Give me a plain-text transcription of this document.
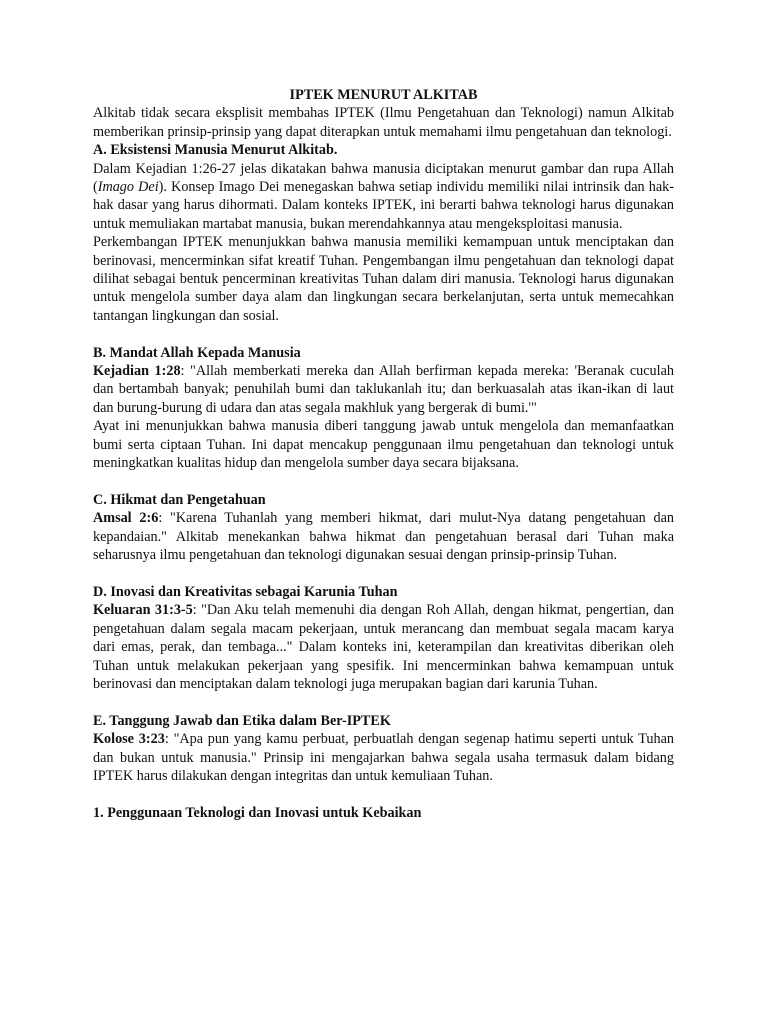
IPTEK MENURUT ALKITAB

Alkitab tidak secara eksplisit membahas IPTEK (Ilmu Pengetahuan dan Teknologi) namun Alkitab memberikan prinsip-prinsip yang dapat diterapkan untuk memahami ilmu pengetahuan dan teknologi.

A. Eksistensi Manusia Menurut Alkitab.

Dalam Kejadian 1:26-27 jelas dikatakan bahwa manusia diciptakan menurut gambar dan rupa Allah (Imago Dei). Konsep Imago Dei menegaskan bahwa setiap individu memiliki nilai intrinsik dan hak-hak dasar yang harus dihormati. Dalam konteks IPTEK, ini berarti bahwa teknologi harus digunakan untuk memuliakan martabat manusia, bukan merendahkannya atau mengeksploitasi manusia.

Perkembangan IPTEK menunjukkan bahwa manusia memiliki kemampuan untuk menciptakan dan berinovasi, mencerminkan sifat kreatif Tuhan. Pengembangan ilmu pengetahuan dan teknologi dapat dilihat sebagai bentuk pencerminan kreativitas Tuhan dalam diri manusia. Teknologi harus digunakan untuk mengelola sumber daya alam dan lingkungan secara berkelanjutan, serta untuk memecahkan tantangan lingkungan dan sosial.

B. Mandat Allah Kepada Manusia

Kejadian 1:28: "Allah memberkati mereka dan Allah berfirman kepada mereka: 'Beranak cuculah dan bertambah banyak; penuhilah bumi dan taklukanlah itu; dan berkuasalah atas ikan-ikan di laut dan burung-burung di udara dan atas segala makhluk yang bergerak di bumi.'"

Ayat ini menunjukkan bahwa manusia diberi tanggung jawab untuk mengelola dan memanfaatkan bumi serta ciptaan Tuhan. Ini dapat mencakup penggunaan ilmu pengetahuan dan teknologi untuk meningkatkan kualitas hidup dan mengelola sumber daya secara bijaksana.

C. Hikmat dan Pengetahuan

Amsal 2:6: "Karena Tuhanlah yang memberi hikmat, dari mulut-Nya datang pengetahuan dan kepandaian." Alkitab menekankan bahwa hikmat dan pengetahuan berasal dari Tuhan maka seharusnya ilmu pengetahuan dan teknologi digunakan sesuai dengan prinsip-prinsip Tuhan.

D. Inovasi dan Kreativitas sebagai Karunia Tuhan

Keluaran 31:3-5: "Dan Aku telah memenuhi dia dengan Roh Allah, dengan hikmat, pengertian, dan pengetahuan dalam segala macam pekerjaan, untuk merancang dan membuat segala macam karya dari emas, perak, dan tembaga..." Dalam konteks ini, keterampilan dan kreativitas diberikan oleh Tuhan untuk melakukan pekerjaan yang spesifik. Ini mencerminkan bahwa kemampuan untuk berinovasi dan menciptakan dalam teknologi juga merupakan bagian dari karunia Tuhan.

E. Tanggung Jawab dan Etika dalam Ber-IPTEK

Kolose 3:23: "Apa pun yang kamu perbuat, perbuatlah dengan segenap hatimu seperti untuk Tuhan dan bukan untuk manusia." Prinsip ini mengajarkan bahwa segala usaha termasuk dalam bidang IPTEK harus dilakukan dengan integritas dan untuk kemuliaan Tuhan.

1. Penggunaan Teknologi dan Inovasi untuk Kebaikan
